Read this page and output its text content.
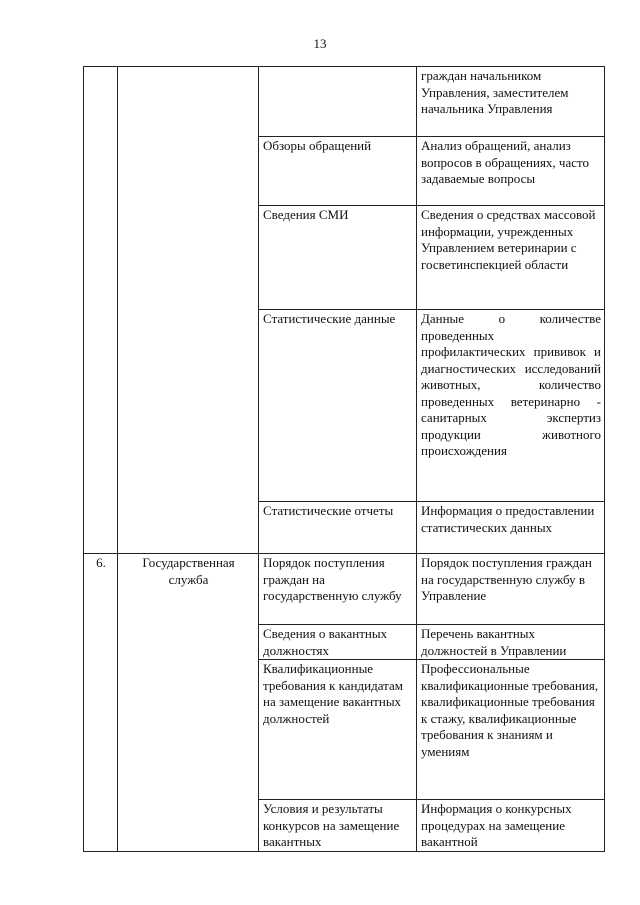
13

			граждан начальником Управления, заместителем начальника Управления

		Обзоры обращений	Анализ обращений, анализ вопросов в обращениях, часто задаваемые вопросы

		Сведения СМИ	Сведения о средствах массовой информации, учрежденных Управлением ветеринарии с госветинспекцией области

		Статистические данные	Данные о количестве проведенных профилактических прививок и диагностических исследований животных, количество проведенных ветеринарно - санитарных экспертиз продукции животного происхождения

		Статистические отчеты	Информация о предоставлении статистических данных

6.	Государственная служба	Порядок поступления граждан на государственную службу	Порядок поступления граждан на государственную службу в Управление

		Сведения о вакантных должностях	Перечень вакантных должностей в Управлении

		Квалификационные требования к кандидатам на замещение вакантных должностей	Профессиональные квалификационные требования, квалификационные требования к стажу, квалификационные требования к знаниям и умениям

		Условия и результаты конкурсов на замещение вакантных	Информация о конкурсных процедурах на замещение вакантной
